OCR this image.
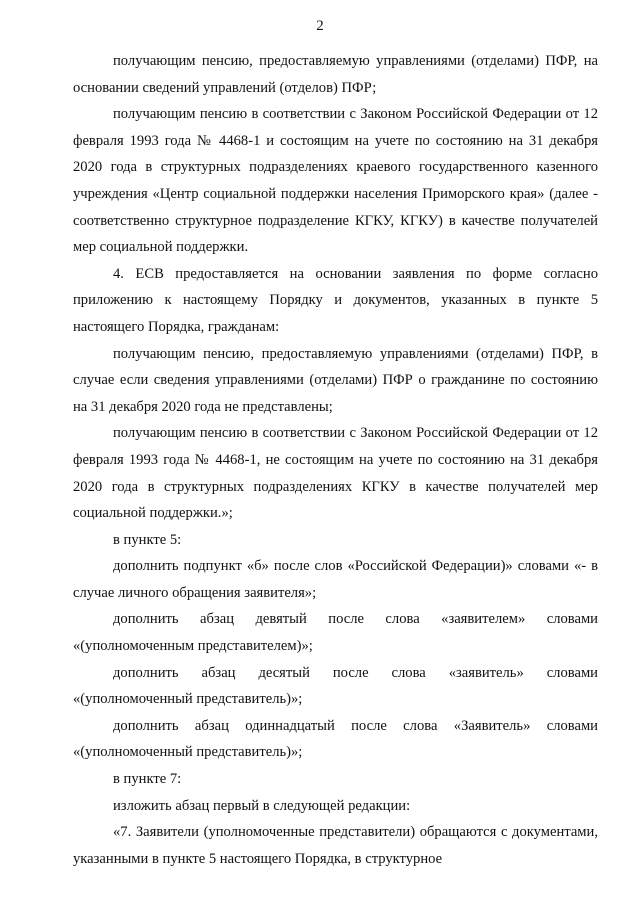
2

получающим пенсию, предоставляемую управлениями (отделами) ПФР, на основании сведений управлений (отделов) ПФР;

получающим пенсию в соответствии с Законом Российской Федерации от 12 февраля 1993 года № 4468-1 и состоящим на учете по состоянию на 31 декабря 2020 года в структурных подразделениях краевого государственного казенного учреждения «Центр социальной поддержки населения Приморского края» (далее - соответственно структурное подразделение КГКУ, КГКУ) в качестве получателей мер социальной поддержки.

4. ЕСВ предоставляется на основании заявления по форме согласно приложению к настоящему Порядку и документов, указанных в пункте 5 настоящего Порядка, гражданам:

получающим пенсию, предоставляемую управлениями (отделами) ПФР, в случае если сведения управлениями (отделами) ПФР о гражданине по состоянию на 31 декабря 2020 года не представлены;

получающим пенсию в соответствии с Законом Российской Федерации от 12 февраля 1993 года № 4468-1, не состоящим на учете по состоянию на 31 декабря 2020 года в структурных подразделениях КГКУ в качестве получателей мер социальной поддержки.»;

в пункте 5:

дополнить подпункт «б» после слов «Российской Федерации)» словами «- в случае личного обращения заявителя»;

дополнить абзац девятый после слова «заявителем» словами «(уполномоченным представителем)»;

дополнить абзац десятый после слова «заявитель» словами «(уполномоченный представитель)»;

дополнить абзац одиннадцатый после слова «Заявитель» словами «(уполномоченный представитель)»;

в пункте 7:

изложить абзац первый в следующей редакции:

«7. Заявители (уполномоченные представители) обращаются с документами, указанными в пункте 5 настоящего Порядка, в структурное
